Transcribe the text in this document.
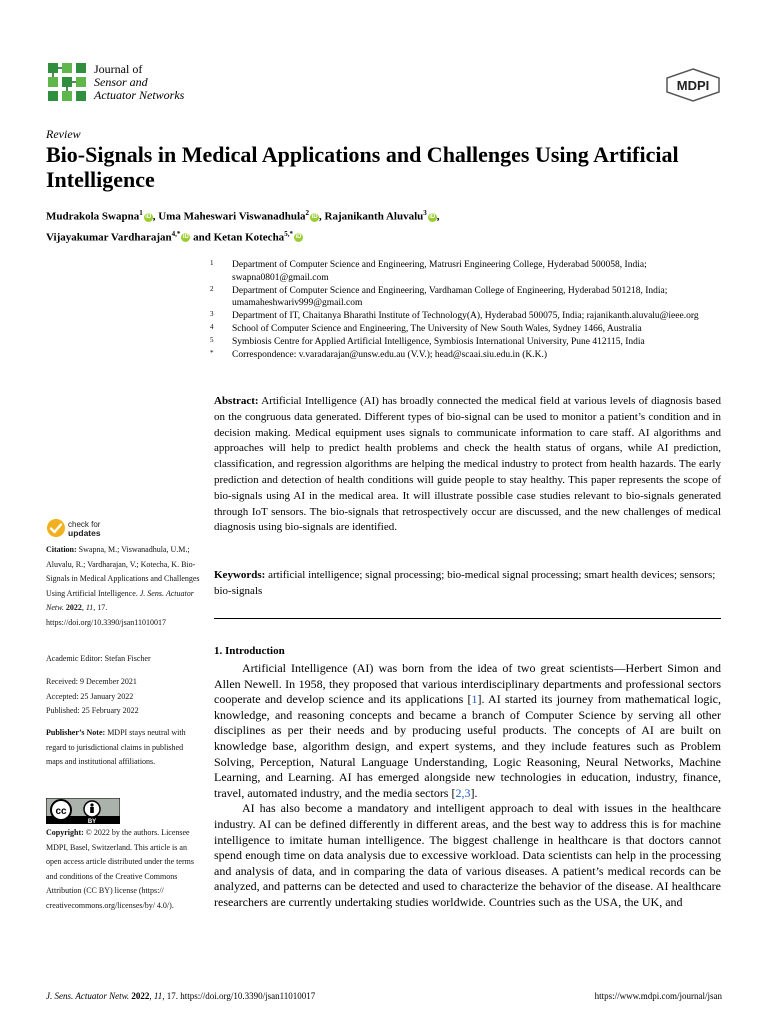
Journal of
Sensor and
Actuator Networks
MDPI
Review
Bio-Signals in Medical Applications and Challenges Using Artificial Intelligence
Mudrakola Swapna$^1$ iD , Uma Maheswari Viswanadhula$^2$ iD , Rajanikanth Aluvalu$^3$ iD ,
Vijayakumar Vardharajan$^{4,*}$ iD and Ketan Kotecha$^{5,*}$ iD
1 Department of Computer Science and Engineering, Matrusri Engineering College, Hyderabad 500058, India; swapna0801@gmail.com
2 Department of Computer Science and Engineering, Vardhaman College of Engineering, Hyderabad 501218, India; umamaheshwariv999@gmail.com
3 Department of IT, Chaitanya Bharathi Institute of Technology(A), Hyderabad 500075, India; rajanikanth.aluvalu@ieee.org
4 School of Computer Science and Engineering, The University of New South Wales, Sydney 1466, Australia
5 Symbiosis Centre for Applied Artificial Intelligence, Symbiosis International University, Pune 412115, India
* Correspondence: v.varadarajan@unsw.edu.au (V.V.); head@scaai.siu.edu.in (K.K.)
Abstract: Artificial Intelligence (AI) has broadly connected the medical field at various levels of diagnosis based on the congruous data generated. Different types of bio-signal can be used to monitor a patient’s condition and in decision making. Medical equipment uses signals to communicate information to care staff. AI algorithms and approaches will help to predict health problems and check the health status of organs, while AI prediction, classification, and regression algorithms are helping the medical industry to protect from health hazards. The early prediction and detection of health conditions will guide people to stay healthy. This paper represents the scope of bio-signals using AI in the medical area. It will illustrate possible case studies relevant to bio-signals generated through IoT sensors. The bio-signals that retrospectively occur are discussed, and the new challenges of medical diagnosis using bio-signals are identified.
Keywords: artificial intelligence; signal processing; bio-medical signal processing; smart health devices; sensors; bio-signals
1. Introduction

Artificial Intelligence (AI) was born from the idea of two great scientists—Herbert Simon and Allen Newell. In 1958, they proposed that various interdisciplinary departments and professional sectors cooperate and develop science and its applications [1]. AI started its journey from mathematical logic, knowledge, and reasoning concepts and became a branch of Computer Science by serving all other disciplines as per their needs and by producing useful products. The concepts of AI are built on knowledge base, algorithm design, and expert systems, and they include features such as Problem Solving, Perception, Natural Language Understanding, Logic Reasoning, Neural Networks, Machine Learning, and Learning. AI has emerged alongside new technologies in education, industry, finance, travel, automated industry, and the media sectors [2,3].

AI has also become a mandatory and intelligent approach to deal with issues in the healthcare industry. AI can be defined differently in different areas, and the best way to address this is for machine intelligence to imitate human intelligence. The biggest challenge in healthcare is that doctors cannot spend enough time on data analysis due to excessive workload. Data scientists can help in the processing and analysis of data, and in comparing the data of various diseases. A patient’s medical records can be analyzed, and patterns can be detected and used to characterize the behavior of the disease. AI healthcare researchers are currently undertaking studies worldwide. Countries such as the USA, the UK, and

check for
updates
Citation: Swapna, M.; Viswanadhula, U.M.; Aluvalu, R.; Vardharajan, V.; Kotecha, K. Bio-Signals in Medical Applications and Challenges Using Artificial Intelligence. J. Sens. Actuator Netw. 2022, 11, 17. https://doi.org/10.3390/jsan11010017
Academic Editor: Stefan Fischer
Received: 9 December 2021
Accepted: 25 January 2022
Published: 25 February 2022
Publisher’s Note: MDPI stays neutral with regard to jurisdictional claims in published maps and institutional affiliations.
cc
BY
Copyright: © 2022 by the authors. Licensee MDPI, Basel, Switzerland. This article is an open access article distributed under the terms and conditions of the Creative Commons Attribution (CC BY) license (https:// creativecommons.org/licenses/by/ 4.0/).
J. Sens. Actuator Netw. 2022, 11, 17. https://doi.org/10.3390/jsan11010017	https://www.mdpi.com/journal/jsan
